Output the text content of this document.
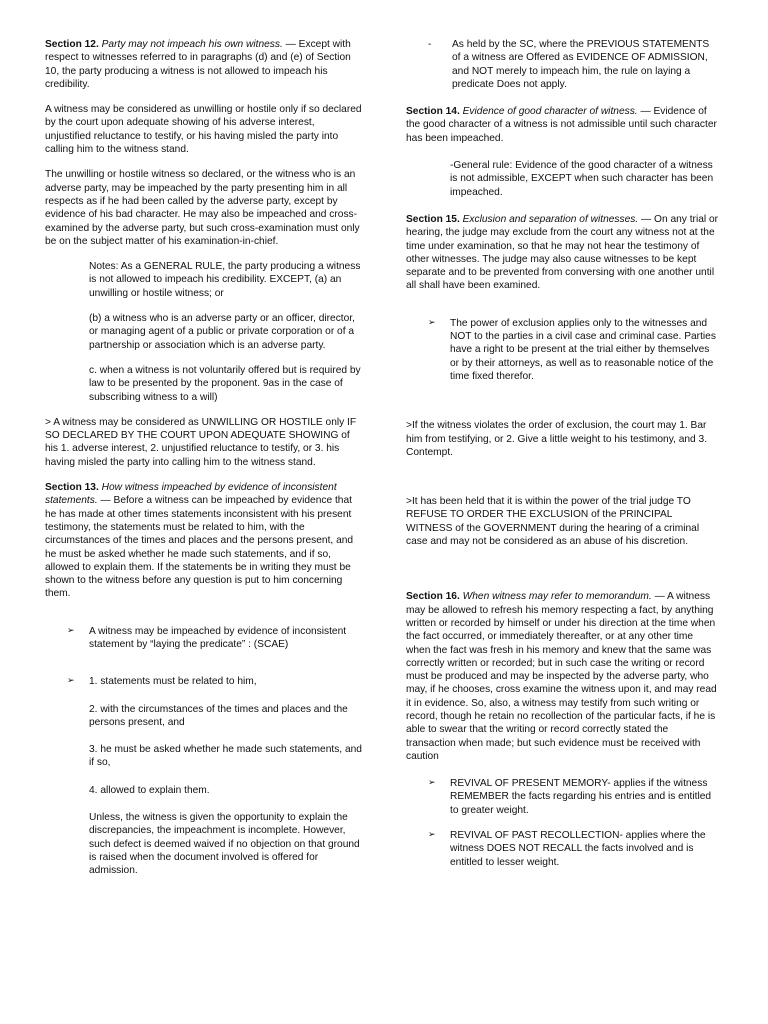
Section 12. Party may not impeach his own witness. — Except with respect to witnesses referred to in paragraphs (d) and (e) of Section 10, the party producing a witness is not allowed to impeach his credibility.

A witness may be considered as unwilling or hostile only if so declared by the court upon adequate showing of his adverse interest, unjustified reluctance to testify, or his having misled the party into calling him to the witness stand.

The unwilling or hostile witness so declared, or the witness who is an adverse party, may be impeached by the party presenting him in all respects as if he had been called by the adverse party, except by evidence of his bad character. He may also be impeached and cross-examined by the adverse party, but such cross-examination must only be on the subject matter of his examination-in-chief.

Notes: As a GENERAL RULE, the party producing a witness is not allowed to impeach his credibility. EXCEPT, (a) an unwilling or hostile witness; or

(b) a witness who is an adverse party or an officer, director, or managing agent of a public or private corporation or of a partnership or association which is an adverse party.

c. when a witness is not voluntarily offered but is required by law to be presented by the proponent. 9as in the case of subscribing witness to a will)

> A witness may be considered as UNWILLING OR HOSTILE only IF SO DECLARED BY THE COURT UPON ADEQUATE SHOWING of his 1. adverse interest, 2. unjustified reluctance to testify, or 3. his having misled the party into calling him to the witness stand.

Section 13. How witness impeached by evidence of inconsistent statements. — Before a witness can be impeached by evidence that he has made at other times statements inconsistent with his present testimony, the statements must be related to him, with the circumstances of the times and places and the persons present, and he must be asked whether he made such statements, and if so, allowed to explain them. If the statements be in writing they must be shown to the witness before any question is put to him concerning them.

➢ A witness may be impeached by evidence of inconsistent statement by “laying the predicate” : (SCAE)

➢ 1. statements must be related to him,

2. with the circumstances of the times and places and the persons present, and

3. he must be asked whether he made such statements, and if so,

4. allowed to explain them.

Unless, the witness is given the opportunity to explain the discrepancies, the impeachment is incomplete. However, such defect is deemed waived if no objection on that ground is raised when the document involved is offered for admission.

- As held by the SC, where the PREVIOUS STATEMENTS of a witness are Offered as EVIDENCE OF ADMISSION, and NOT merely to impeach him, the rule on laying a predicate Does not apply.

Section 14. Evidence of good character of witness. — Evidence of the good character of a witness is not admissible until such character has been impeached.

-General rule: Evidence of the good character of a witness is not admissible, EXCEPT when such character has been impeached.

Section 15. Exclusion and separation of witnesses. — On any trial or hearing, the judge may exclude from the court any witness not at the time under examination, so that he may not hear the testimony of other witnesses. The judge may also cause witnesses to be kept separate and to be prevented from conversing with one another until all shall have been examined.

➢ The power of exclusion applies only to the witnesses and NOT to the parties in a civil case and criminal case. Parties have a right to be present at the trial either by themselves or by their attorneys, as well as to reasonable notice of the time fixed therefor.

>If the witness violates the order of exclusion, the court may 1. Bar him from testifying, or 2. Give a little weight to his testimony, and 3. Contempt.

>It has been held that it is within the power of the trial judge TO REFUSE TO ORDER THE EXCLUSION of the PRINCIPAL WITNESS of the GOVERNMENT during the hearing of a criminal case and may not be considered as an abuse of his discretion.

Section 16. When witness may refer to memorandum. — A witness may be allowed to refresh his memory respecting a fact, by anything written or recorded by himself or under his direction at the time when the fact occurred, or immediately thereafter, or at any other time when the fact was fresh in his memory and knew that the same was correctly written or recorded; but in such case the writing or record must be produced and may be inspected by the adverse party, who may, if he chooses, cross examine the witness upon it, and may read it in evidence. So, also, a witness may testify from such writing or record, though he retain no recollection of the particular facts, if he is able to swear that the writing or record correctly stated the transaction when made; but such evidence must be received with caution

➢ REVIVAL OF PRESENT MEMORY- applies if the witness REMEMBER the facts regarding his entries and is entitled to greater weight.

➢ REVIVAL OF PAST RECOLLECTION- applies where the witness DOES NOT RECALL the facts involved and is entitled to lesser weight.
